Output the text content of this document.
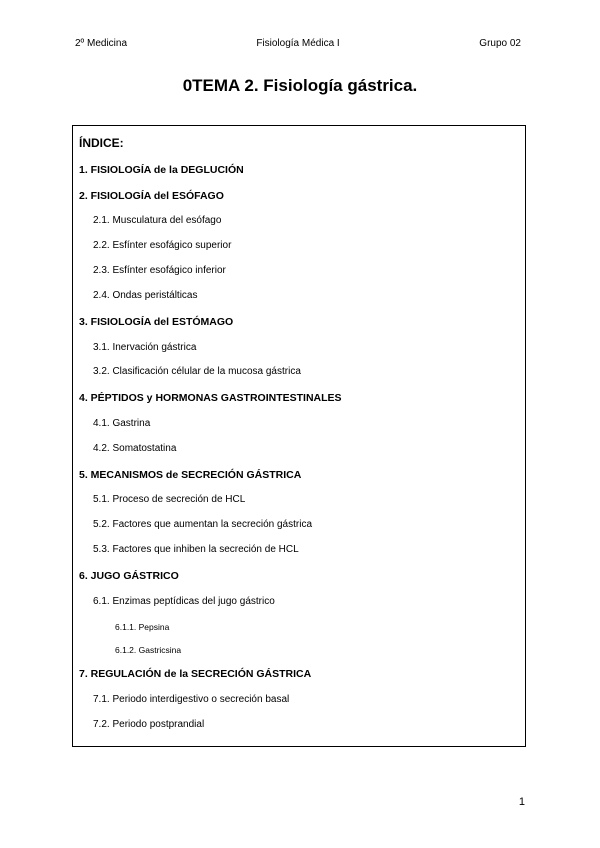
2º Medicina	Fisiología Médica I	Grupo 02
0TEMA 2. Fisiología gástrica.
ÍNDICE:
1. FISIOLOGÍA de la DEGLUCIÓN
2. FISIOLOGÍA del ESÓFAGO
2.1. Musculatura del esófago
2.2. Esfínter esofágico superior
2.3. Esfínter esofágico inferior
2.4. Ondas peristálticas
3. FISIOLOGÍA del ESTÓMAGO
3.1. Inervación gástrica
3.2. Clasificación célular de la mucosa gástrica
4. PÉPTIDOS y HORMONAS GASTROINTESTINALES
4.1. Gastrina
4.2. Somatostatina
5. MECANISMOS de SECRECIÓN GÁSTRICA
5.1. Proceso de secreción de HCL
5.2. Factores que aumentan la secreción gástrica
5.3. Factores que inhiben la secreción de HCL
6. JUGO GÁSTRICO
6.1. Enzimas peptídicas del jugo gástrico
6.1.1. Pepsina
6.1.2. Gastricsina
7. REGULACIÓN de la SECRECIÓN GÁSTRICA
7.1. Periodo interdigestivo o secreción basal
7.2. Periodo postprandial
1
